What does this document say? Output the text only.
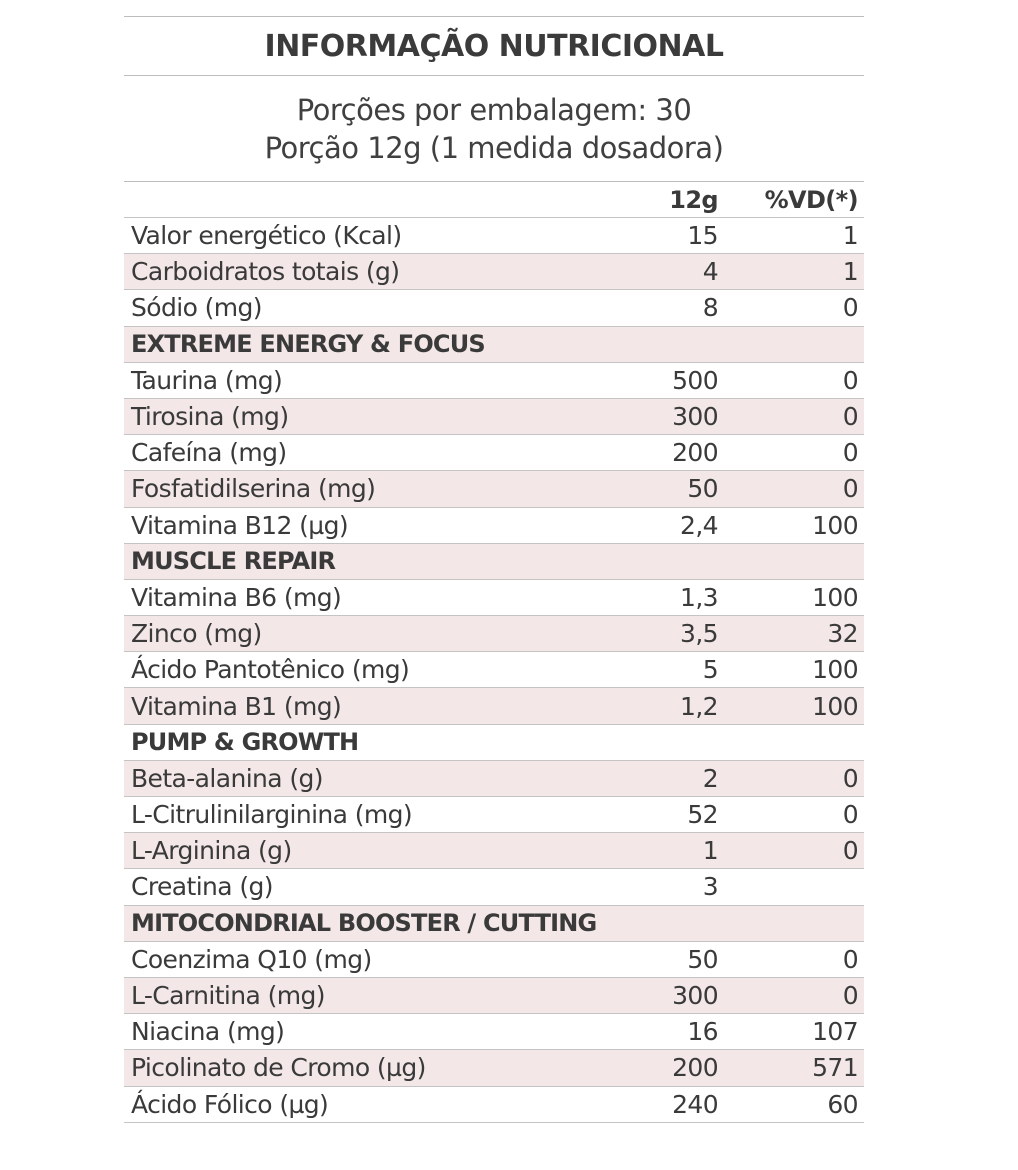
INFORMAÇÃO NUTRICIONAL
Porções por embalagem: 30
Porção 12g (1 medida dosadora)
12g	%VD(*)
Valor energético (Kcal)	15	1
Carboidratos totais (g)	4	1
Sódio (mg)	8	0
EXTREME ENERGY & FOCUS
Taurina (mg)	500	0
Tirosina (mg)	300	0
Cafeína (mg)	200	0
Fosfatidilserina (mg)	50	0
Vitamina B12 (µg)	2,4	100
MUSCLE REPAIR
Vitamina B6 (mg)	1,3	100
Zinco (mg)	3,5	32
Ácido Pantotênico (mg)	5	100
Vitamina B1 (mg)	1,2	100
PUMP & GROWTH
Beta-alanina (g)	2	0
L-Citrulinilarginina (mg)	52	0
L-Arginina (g)	1	0
Creatina (g)	3
MITOCONDRIAL BOOSTER / CUTTING
Coenzima Q10 (mg)	50	0
L-Carnitina (mg)	300	0
Niacina (mg)	16	107
Picolinato de Cromo (µg)	200	571
Ácido Fólico (µg)	240	60
